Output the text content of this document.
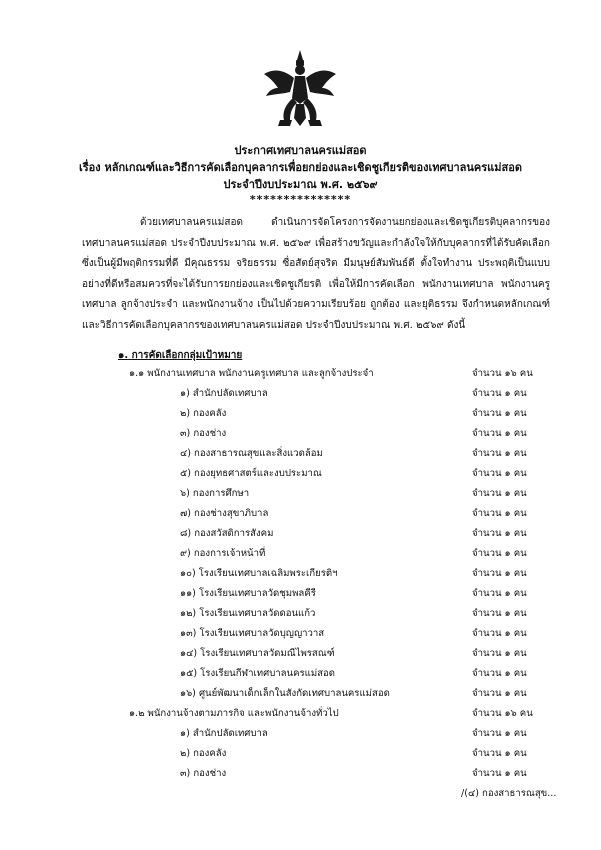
ประกาศเทศบาลนครแม่สอด
เรื่อง หลักเกณฑ์และวิธีการคัดเลือกบุคลากรเพื่อยกย่องและเชิดชูเกียรติของเทศบาลนครแม่สอด
ประจำปีงบประมาณ พ.ศ. ๒๕๖๙
***************

ด้วยเทศบาลนครแม่สอด ดำเนินการจัดโครงการจัดงานยกย่องและเชิดชูเกียรติบุคลากรของเทศบาลนครแม่สอด ประจำปีงบประมาณ พ.ศ. ๒๕๖๙ เพื่อสร้างขวัญและกำลังใจให้กับบุคลากรที่ได้รับคัดเลือก ซึ่งเป็นผู้มีพฤติกรรมที่ดี มีคุณธรรม จริยธรรม ซื่อสัตย์สุจริต มีมนุษย์สัมพันธ์ดี ตั้งใจทำงาน ประพฤติเป็นแบบอย่างที่ดีหรือสมควรที่จะได้รับการยกย่องและเชิดชูเกียรติ เพื่อให้มีการคัดเลือก พนักงานเทศบาล พนักงานครูเทศบาล ลูกจ้างประจำ และพนักงานจ้าง เป็นไปด้วยความเรียบร้อย ถูกต้อง และยุติธรรม จึงกำหนดหลักเกณฑ์และวิธีการคัดเลือกบุคลากรของเทศบาลนครแม่สอด ประจำปีงบประมาณ พ.ศ. ๒๕๖๙ ดังนี้

๑. การคัดเลือกกลุ่มเป้าหมาย
๑.๑ พนักงานเทศบาล พนักงานครูเทศบาล และลูกจ้างประจำ	จำนวน ๑๖ คน
๑) สำนักปลัดเทศบาล	จำนวน ๑ คน
๒) กองคลัง	จำนวน ๑ คน
๓) กองช่าง	จำนวน ๑ คน
๔) กองสาธารณสุขและสิ่งแวดล้อม	จำนวน ๑ คน
๕) กองยุทธศาสตร์และงบประมาณ	จำนวน ๑ คน
๖) กองการศึกษา	จำนวน ๑ คน
๗) กองช่างสุขาภิบาล	จำนวน ๑ คน
๘) กองสวัสดิการสังคม	จำนวน ๑ คน
๙) กองการเจ้าหน้าที่	จำนวน ๑ คน
๑๐) โรงเรียนเทศบาลเฉลิมพระเกียรติฯ	จำนวน ๑ คน
๑๑) โรงเรียนเทศบาลวัดชุมพลคีรี	จำนวน ๑ คน
๑๒) โรงเรียนเทศบาลวัดดอนแก้ว	จำนวน ๑ คน
๑๓) โรงเรียนเทศบาลวัดบุญญาวาส	จำนวน ๑ คน
๑๔) โรงเรียนเทศบาลวัดมณีไพรสณฑ์	จำนวน ๑ คน
๑๕) โรงเรียนกีฬาเทศบาลนครแม่สอด	จำนวน ๑ คน
๑๖) ศูนย์พัฒนาเด็กเล็กในสังกัดเทศบาลนครแม่สอด	จำนวน ๑ คน
๑.๒ พนักงานจ้างตามภารกิจ และพนักงานจ้างทั่วไป	จำนวน ๑๖ คน
๑) สำนักปลัดเทศบาล	จำนวน ๑ คน
๒) กองคลัง	จำนวน ๑ คน
๓) กองช่าง	จำนวน ๑ คน
/(๔) กองสาธารณสุข...
